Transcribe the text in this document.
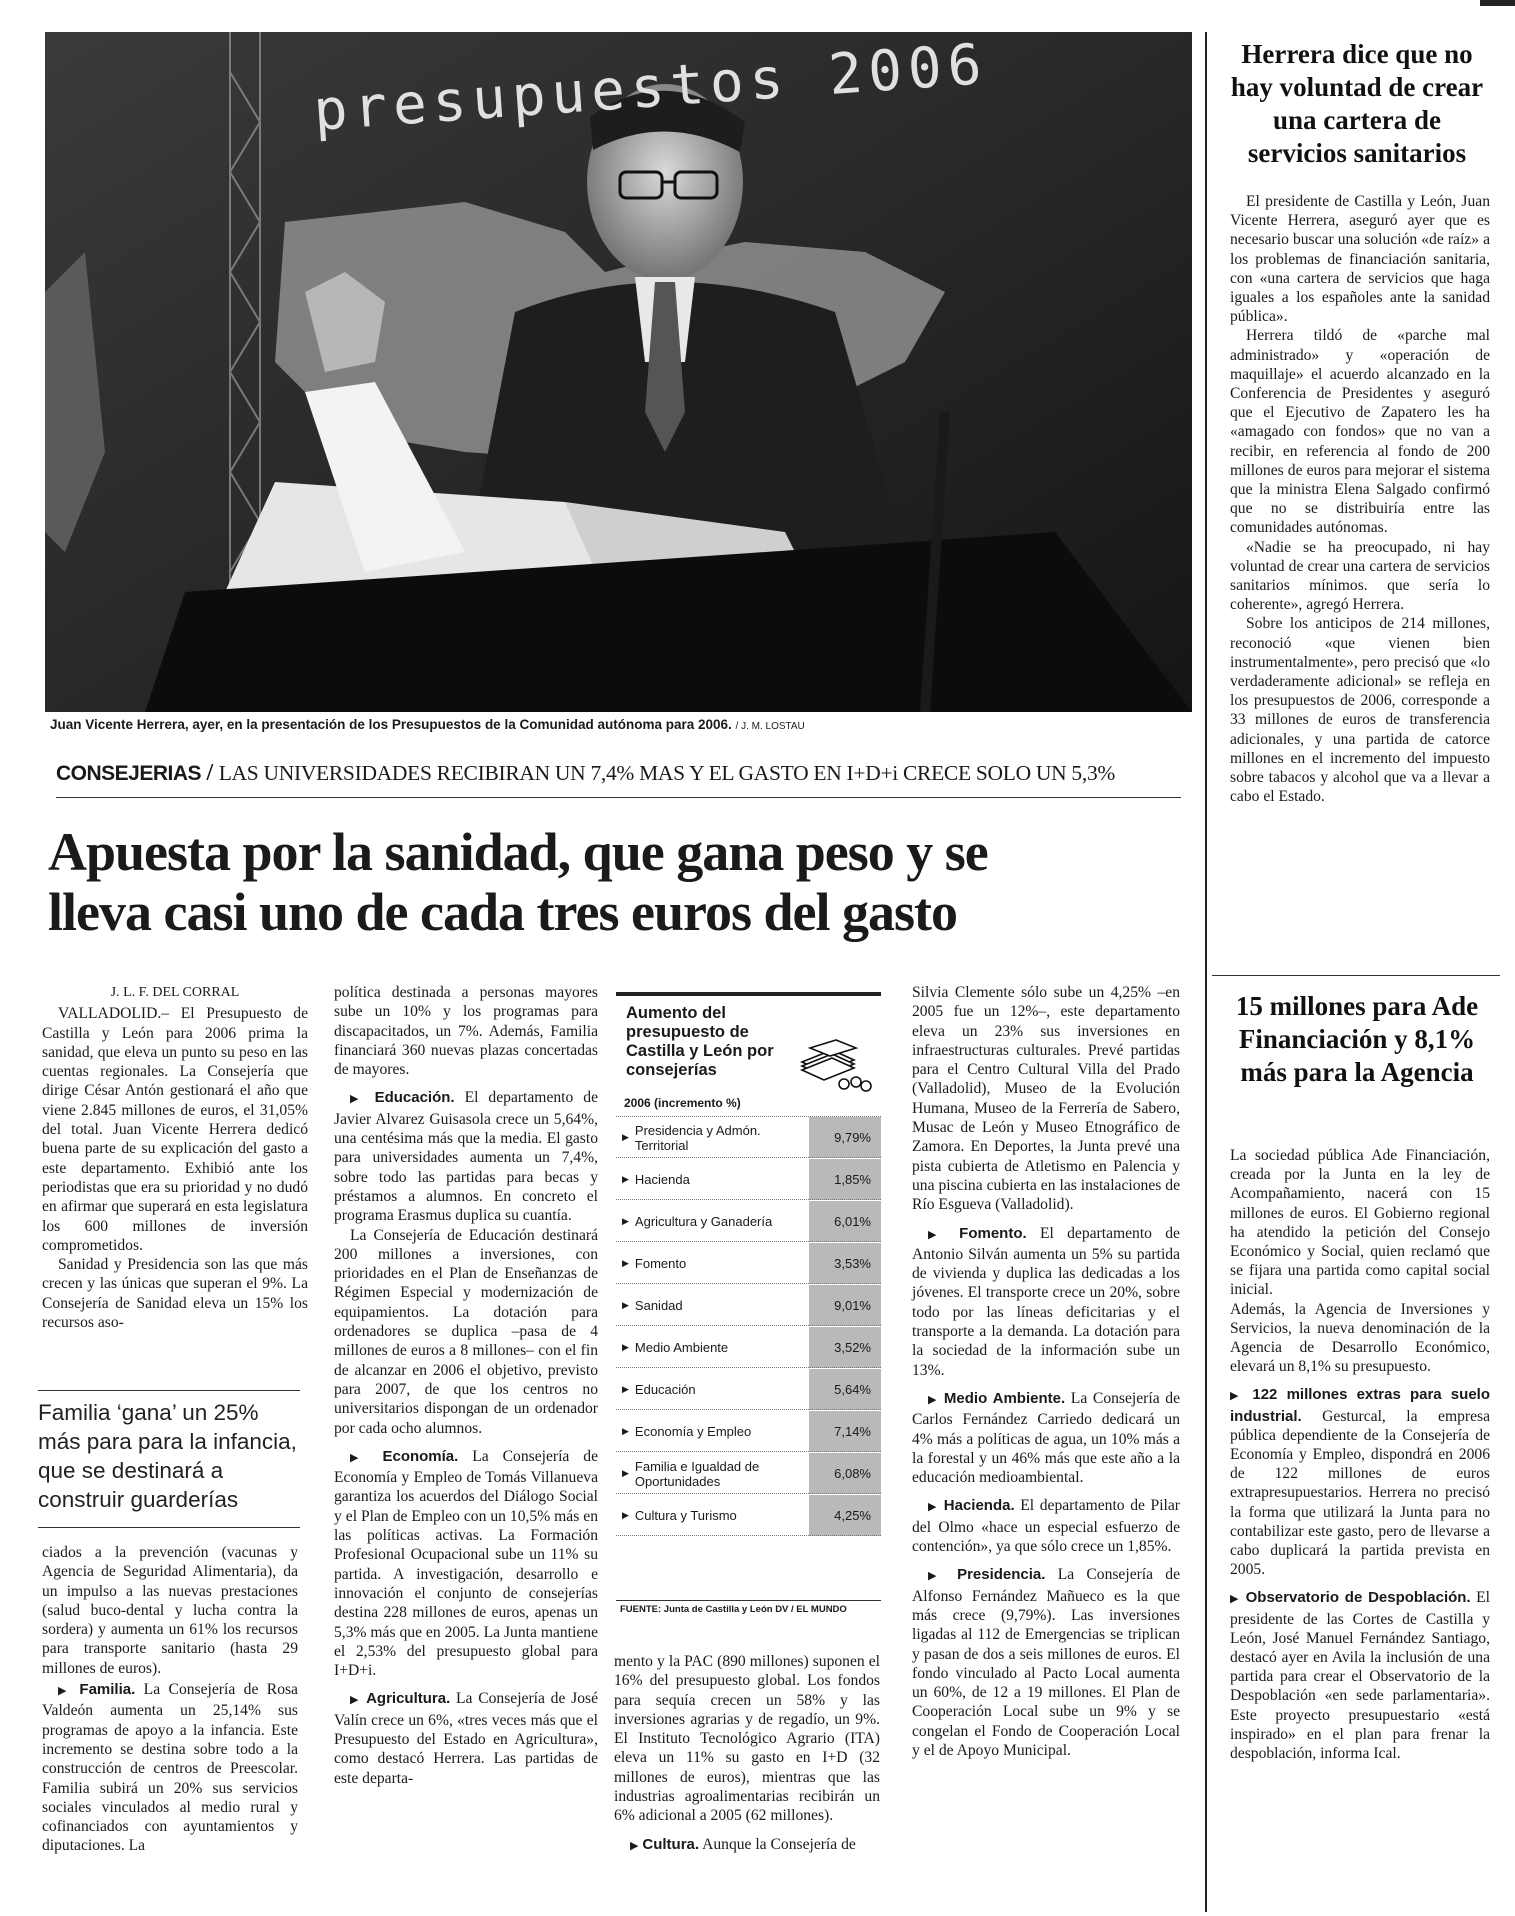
presupuestos 2006
Juan Vicente Herrera, ayer, en la presentación de los Presupuestos de la Comunidad autónoma para 2006. / J. M. LOSTAU
CONSEJERIAS / LAS UNIVERSIDADES RECIBIRAN UN 7,4% MAS Y EL GASTO EN I+D+i CRECE SOLO UN 5,3%
Apuesta por la sanidad, que gana peso y se
lleva casi uno de cada tres euros del gasto
J. L. F. DEL CORRAL

VALLADOLID.– El Presupuesto de Castilla y León para 2006 prima la sanidad, que eleva un punto su peso en las cuentas regionales. La Consejería que dirige César Antón gestionará el año que viene 2.845 millones de euros, el 31,05% del total. Juan Vicente Herrera dedicó buena parte de su explicación del gasto a este departamento. Exhibió ante los periodistas que era su prioridad y no dudó en afirmar que superará en esta legislatura los 600 millones de inversión comprometidos.

Sanidad y Presidencia son las que más crecen y las únicas que superan el 9%. La Consejería de Sanidad eleva un 15% los recursos aso-

Familia ‘gana’ un 25% más para para la infancia, que se destinará a construir guarderías

ciados a la prevención (vacunas y Agencia de Seguridad Alimentaria), da un impulso a las nuevas prestaciones (salud buco-dental y lucha contra la sordera) y aumenta un 61% los recursos para transporte sanitario (hasta 29 millones de euros).

▶ Familia. La Consejería de Rosa Valdeón aumenta un 25,14% sus programas de apoyo a la infancia. Este incremento se destina sobre todo a la construcción de centros de Preescolar. Familia subirá un 20% sus servicios sociales vinculados al medio rural y cofinanciados con ayuntamientos y diputaciones. La

política destinada a personas mayores sube un 10% y los programas para discapacitados, un 7%. Además, Familia financiará 360 nuevas plazas concertadas de mayores.

▶ Educación. El departamento de Javier Alvarez Guisasola crece un 5,64%, una centésima más que la media. El gasto para universidades aumenta un 7,4%, sobre todo las partidas para becas y préstamos a alumnos. En concreto el programa Erasmus duplica su cuantía.

La Consejería de Educación destinará 200 millones a inversiones, con prioridades en el Plan de Enseñanzas de Régimen Especial y modernización de equipamientos. La dotación para ordenadores se duplica –pasa de 4 millones de euros a 8 millones– con el fin de alcanzar en 2006 el objetivo, previsto para 2007, de que los centros no universitarios dispongan de un ordenador por cada ocho alumnos.

▶ Economía. La Consejería de Economía y Empleo de Tomás Villanueva garantiza los acuerdos del Diálogo Social y el Plan de Empleo con un 10,5% más en las políticas activas. La Formación Profesional Ocupacional sube un 11% su partida. A investigación, desarrollo e innovación el conjunto de consejerías destina 228 millones de euros, apenas un 5,3% más que en 2005. La Junta mantiene el 2,53% del presupuesto global para I+D+i.

▶ Agricultura. La Consejería de José Valín crece un 6%, «tres veces más que el Presupuesto del Estado en Agricultura», como destacó Herrera. Las partidas de este departa-

Aumento del presupuesto de Castilla y León por consejerías
2006 (incremento %)
▶ Presidencia y Admón. Territorial	9,79%
▶ Hacienda	1,85%
▶ Agricultura y Ganadería	6,01%
▶ Fomento	3,53%
▶ Sanidad	9,01%
▶ Medio Ambiente	3,52%
▶ Educación	5,64%
▶ Economía y Empleo	7,14%
▶ Familia e Igualdad de Oportunidades	6,08%
▶ Cultura y Turismo	4,25%
FUENTE: Junta de Castilla y León DV / EL MUNDO

mento y la PAC (890 millones) suponen el 16% del presupuesto global. Los fondos para sequía crecen un 58% y las inversiones agrarias y de regadío, un 9%. El Instituto Tecnológico Agrario (ITA) eleva un 11% su gasto en I+D (32 millones de euros), mientras que las industrias agroalimentarias recibirán un 6% adicional a 2005 (62 millones).

▶ Cultura. Aunque la Consejería de

Silvia Clemente sólo sube un 4,25% –en 2005 fue un 12%–, este departamento eleva un 23% sus inversiones en infraestructuras culturales. Prevé partidas para el Centro Cultural Villa del Prado (Valladolid), Museo de la Evolución Humana, Museo de la Ferrería de Sabero, Musac de León y Museo Etnográfico de Zamora. En Deportes, la Junta prevé una pista cubierta de Atletismo en Palencia y una piscina cubierta en las instalaciones de Río Esgueva (Valladolid).

▶ Fomento. El departamento de Antonio Silván aumenta un 5% su partida de vivienda y duplica las dedicadas a los jóvenes. El transporte crece un 20%, sobre todo por las líneas deficitarias y el transporte a la demanda. La dotación para la sociedad de la información sube un 13%.

▶ Medio Ambiente. La Consejería de Carlos Fernández Carriedo dedicará un 4% más a políticas de agua, un 10% más a la forestal y un 46% más que este año a la educación medioambiental.

▶ Hacienda. El departamento de Pilar del Olmo «hace un especial esfuerzo de contención», ya que sólo crece un 1,85%.

▶ Presidencia. La Consejería de Alfonso Fernández Mañueco es la que más crece (9,79%). Las inversiones ligadas al 112 de Emergencias se triplican y pasan de dos a seis millones de euros. El fondo vinculado al Pacto Local aumenta un 60%, de 12 a 19 millones. El Plan de Cooperación Local sube un 9% y se congelan el Fondo de Cooperación Local y el de Apoyo Municipal.

Herrera dice que no hay voluntad de crear una cartera de servicios sanitarios

El presidente de Castilla y León, Juan Vicente Herrera, aseguró ayer que es necesario buscar una solución «de raíz» a los problemas de financiación sanitaria, con «una cartera de servicios que haga iguales a los españoles ante la sanidad pública».

Herrera tildó de «parche mal administrado» y «operación de maquillaje» el acuerdo alcanzado en la Conferencia de Presidentes y aseguró que el Ejecutivo de Zapatero les ha «amagado con fondos» que no van a recibir, en referencia al fondo de 200 millones de euros para mejorar el sistema que la ministra Elena Salgado confirmó que no se distribuiría entre las comunidades autónomas.

«Nadie se ha preocupado, ni hay voluntad de crear una cartera de servicios sanitarios mínimos. que sería lo coherente», agregó Herrera.

Sobre los anticipos de 214 millones, reconoció «que vienen bien instrumentalmente», pero precisó que «lo verdaderamente adicional» se refleja en los presupuestos de 2006, corresponde a 33 millones de euros de transferencia adicionales, y una partida de catorce millones en el incremento del impuesto sobre tabacos y alcohol que va a llevar a cabo el Estado.

15 millones para Ade Financiación y 8,1% más para la Agencia

La sociedad pública Ade Financiación, creada por la Junta en la ley de Acompañamiento, nacerá con 15 millones de euros. El Gobierno regional ha atendido la petición del Consejo Económico y Social, quien reclamó que se fijara una partida como capital social inicial.

Además, la Agencia de Inversiones y Servicios, la nueva denominación de la Agencia de Desarrollo Económico, elevará un 8,1% su presupuesto.

▶ 122 millones extras para suelo industrial. Gesturcal, la empresa pública dependiente de la Consejería de Economía y Empleo, dispondrá en 2006 de 122 millones de euros extrapresupuestarios. Herrera no precisó la forma que utilizará la Junta para no contabilizar este gasto, pero de llevarse a cabo duplicará la partida prevista en 2005.

▶ Observatorio de Despoblación. El presidente de las Cortes de Castilla y León, José Manuel Fernández Santiago, destacó ayer en Avila la inclusión de una partida para crear el Observatorio de la Despoblación «en sede parlamentaria». Este proyecto presupuestario «está inspirado» en el plan para frenar la despoblación, informa Ical.
